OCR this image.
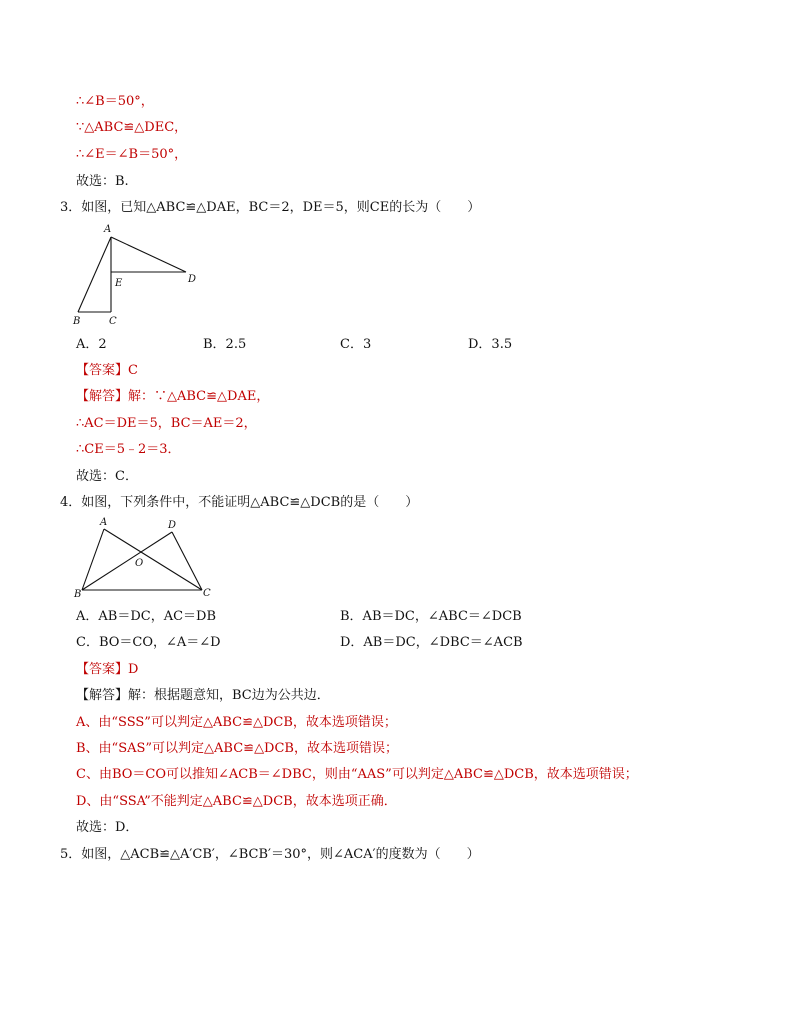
∴∠B＝50°，
∵△ABC≌△DEC，
∴∠E＝∠B＝50°，
故选：B.
3．如图，已知△ABC≌△DAE，BC＝2，DE＝5，则CE的长为（　　）
A
B	C
D
E
A．2	B．2.5	C．3	D．3.5
【答案】C
【解答】解：∵△ABC≌△DAE，
∴AC＝DE＝5，BC＝AE＝2，
∴CE＝5﹣2＝3．
故选：C．
4．如图，下列条件中，不能证明△ABC≌△DCB的是（　　）
A
B	C
D
O
A．AB＝DC，AC＝DB	B．AB＝DC，∠ABC＝∠DCB
C．BO＝CO，∠A＝∠D	D．AB＝DC，∠DBC＝∠ACB
【答案】D
【解答】解：根据题意知，BC边为公共边．
A、由“SSS”可以判定△ABC≌△DCB，故本选项错误；
B、由“SAS”可以判定△ABC≌△DCB，故本选项错误；
C、由BO＝CO可以推知∠ACB＝∠DBC，则由“AAS”可以判定△ABC≌△DCB，故本选项错误；
D、由“SSA”不能判定△ABC≌△DCB，故本选项正确．
故选：D．
5．如图，△ACB≌△A′CB′，∠BCB′＝30°，则∠ACA′的度数为（　　）
